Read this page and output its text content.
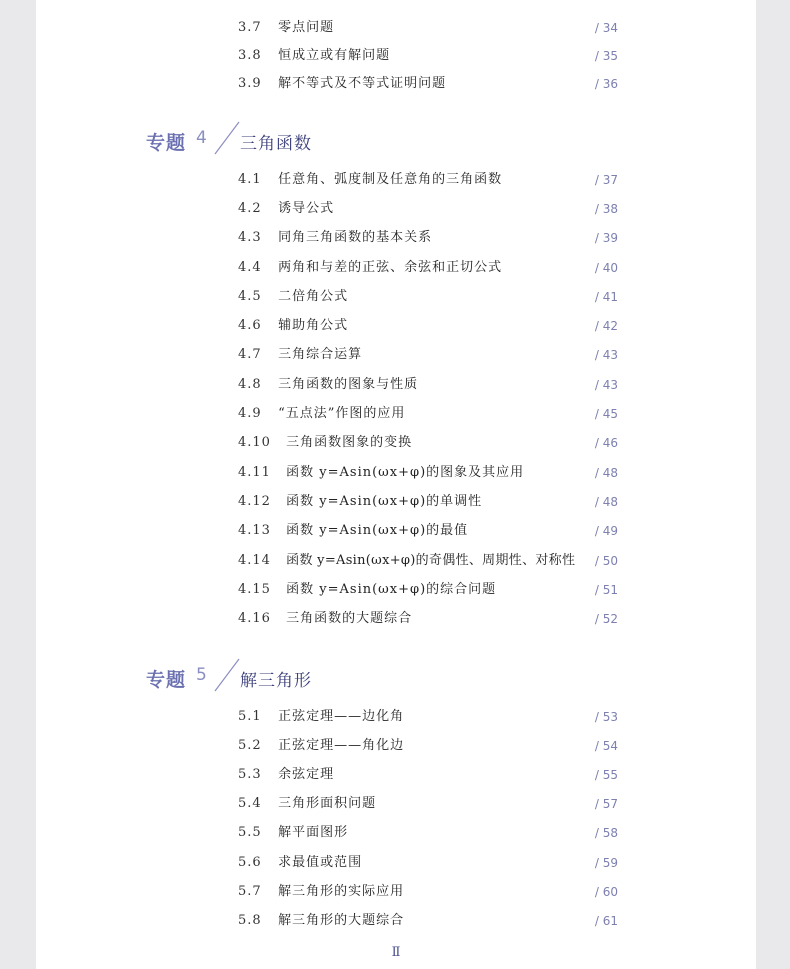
3.7 零点问题	/ 34
3.8 恒成立或有解问题	/ 35
3.9 解不等式及不等式证明问题	/ 36
专题 4 三角函数
4.1 任意角、弧度制及任意角的三角函数	/ 37
4.2 诱导公式	/ 38
4.3 同角三角函数的基本关系	/ 39
4.4 两角和与差的正弦、余弦和正切公式	/ 40
4.5 二倍角公式	/ 41
4.6 辅助角公式	/ 42
4.7 三角综合运算	/ 43
4.8 三角函数的图象与性质	/ 43
4.9 “五点法”作图的应用	/ 45
4.10 三角函数图象的变换	/ 46
4.11 函数 y=Asin(ωx+φ)的图象及其应用	/ 48
4.12 函数 y=Asin(ωx+φ)的单调性	/ 48
4.13 函数 y=Asin(ωx+φ)的最值	/ 49
4.14 函数 y=Asin(ωx+φ)的奇偶性、周期性、对称性 / 50
4.15 函数 y=Asin(ωx+φ)的综合问题	/ 51
4.16 三角函数的大题综合	/ 52
专题 5 解三角形
5.1 正弦定理——边化角	/ 53
5.2 正弦定理——角化边	/ 54
5.3 余弦定理	/ 55
5.4 三角形面积问题	/ 57
5.5 解平面图形	/ 58
5.6 求最值或范围	/ 59
5.7 解三角形的实际应用	/ 60
5.8 解三角形的大题综合	/ 61
Ⅱ
